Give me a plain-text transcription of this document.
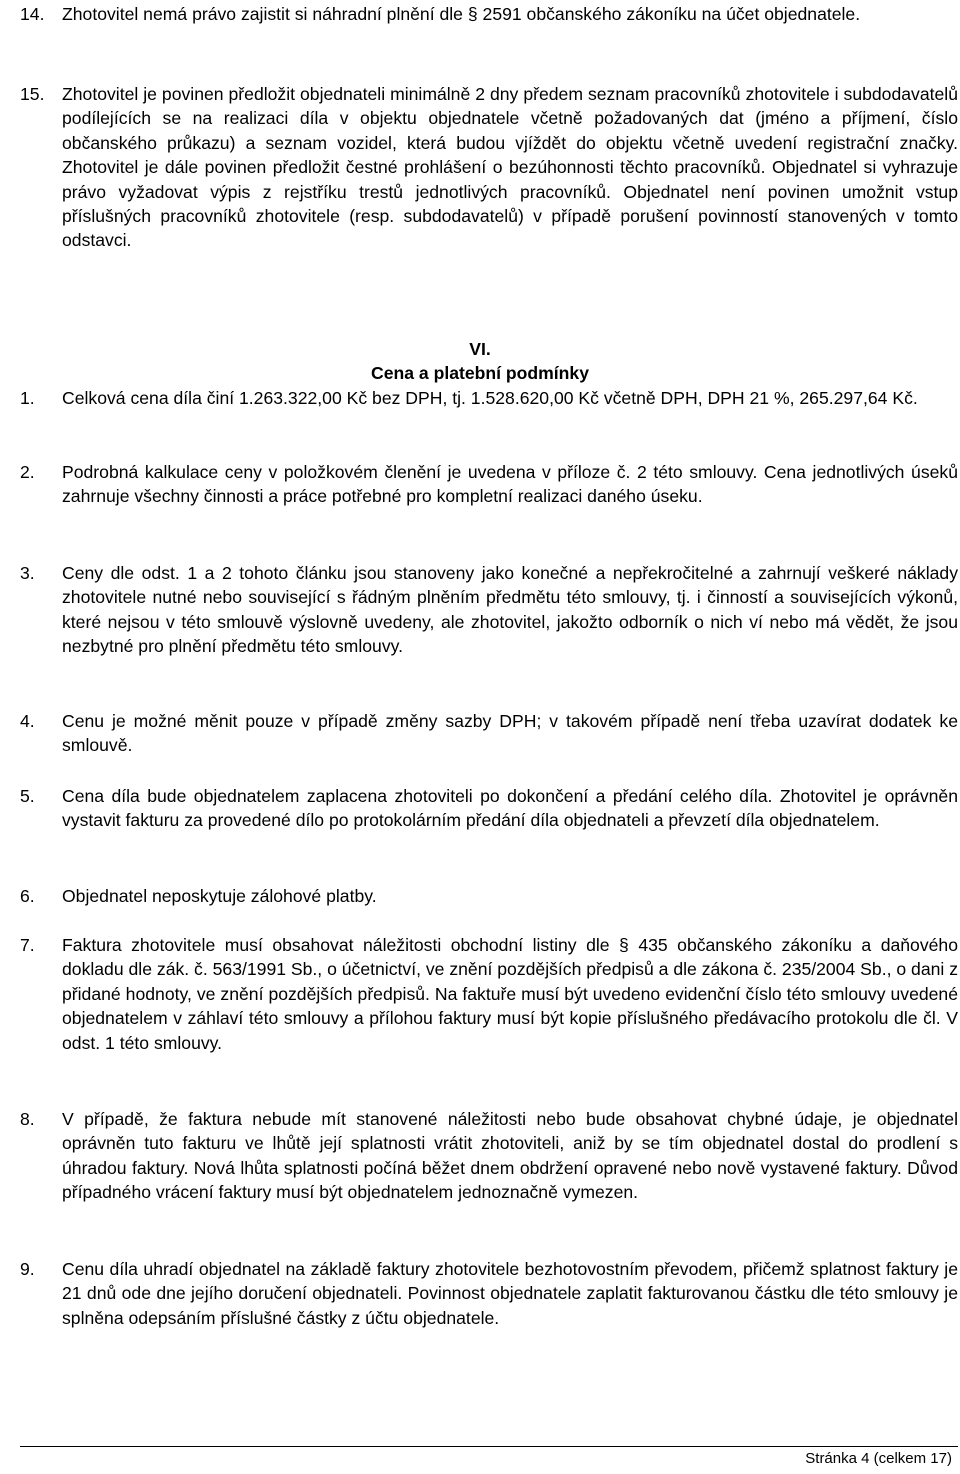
14. Zhotovitel nemá právo zajistit si náhradní plnění dle § 2591 občanského zákoníku na účet objednatele.
15. Zhotovitel je povinen předložit objednateli minimálně 2 dny předem seznam pracovníků zhotovitele i subdodavatelů podílejících se na realizaci díla v objektu objednatele včetně požadovaných dat (jméno a příjmení, číslo občanského průkazu) a seznam vozidel, která budou vjíždět do objektu včetně uvedení registrační značky. Zhotovitel je dále povinen předložit čestné prohlášení o bezúhonnosti těchto pracovníků. Objednatel si vyhrazuje právo vyžadovat výpis z rejstříku trestů jednotlivých pracovníků. Objednatel není povinen umožnit vstup příslušných pracovníků zhotovitele (resp. subdodavatelů) v případě porušení povinností stanovených v tomto odstavci.
VI.
Cena a platební podmínky
1.	Celková cena díla činí 1.263.322,00 Kč bez DPH, tj. 1.528.620,00 Kč včetně DPH, DPH 21 %, 265.297,64 Kč.
2.	Podrobná kalkulace ceny v položkovém členění je uvedena v příloze č. 2 této smlouvy. Cena jednotlivých úseků zahrnuje všechny činnosti a práce potřebné pro kompletní realizaci daného úseku.
3.	Ceny dle odst. 1 a 2 tohoto článku jsou stanoveny jako konečné a nepřekročitelné a zahrnují veškeré náklady zhotovitele nutné nebo související s řádným plněním předmětu této smlouvy, tj. i činností a souvisejících výkonů, které nejsou v této smlouvě výslovně uvedeny, ale zhotovitel, jakožto odborník o nich ví nebo má vědět, že jsou nezbytné pro plnění předmětu této smlouvy.
4.	Cenu je možné měnit pouze v případě změny sazby DPH; v takovém případě není třeba uzavírat dodatek ke smlouvě.
5.	Cena díla bude objednatelem zaplacena zhotoviteli po dokončení a předání celého díla. Zhotovitel je oprávněn vystavit fakturu za provedené dílo po protokolárním předání díla objednateli a převzetí díla objednatelem.
6.	Objednatel neposkytuje zálohové platby.
7.	Faktura zhotovitele musí obsahovat náležitosti obchodní listiny dle § 435 občanského zákoníku a daňového dokladu dle zák. č. 563/1991 Sb., o účetnictví, ve znění pozdějších předpisů a dle zákona č. 235/2004 Sb., o dani z přidané hodnoty, ve znění pozdějších předpisů. Na faktuře musí být uvedeno evidenční číslo této smlouvy uvedené objednatelem v záhlaví této smlouvy a přílohou faktury musí být kopie příslušného předávacího protokolu dle čl. V odst. 1 této smlouvy.
8.	V případě, že faktura nebude mít stanovené náležitosti nebo bude obsahovat chybné údaje, je objednatel oprávněn tuto fakturu ve lhůtě její splatnosti vrátit zhotoviteli, aniž by se tím objednatel dostal do prodlení s úhradou faktury. Nová lhůta splatnosti počíná běžet dnem obdržení opravené nebo nově vystavené faktury. Důvod případného vrácení faktury musí být objednatelem jednoznačně vymezen.
9.	Cenu díla uhradí objednatel na základě faktury zhotovitele bezhotovostním převodem, přičemž splatnost faktury je 21 dnů ode dne jejího doručení objednateli. Povinnost objednatele zaplatit fakturovanou částku dle této smlouvy je splněna odepsáním příslušné částky z účtu objednatele.
Stránka 4 (celkem 17)
